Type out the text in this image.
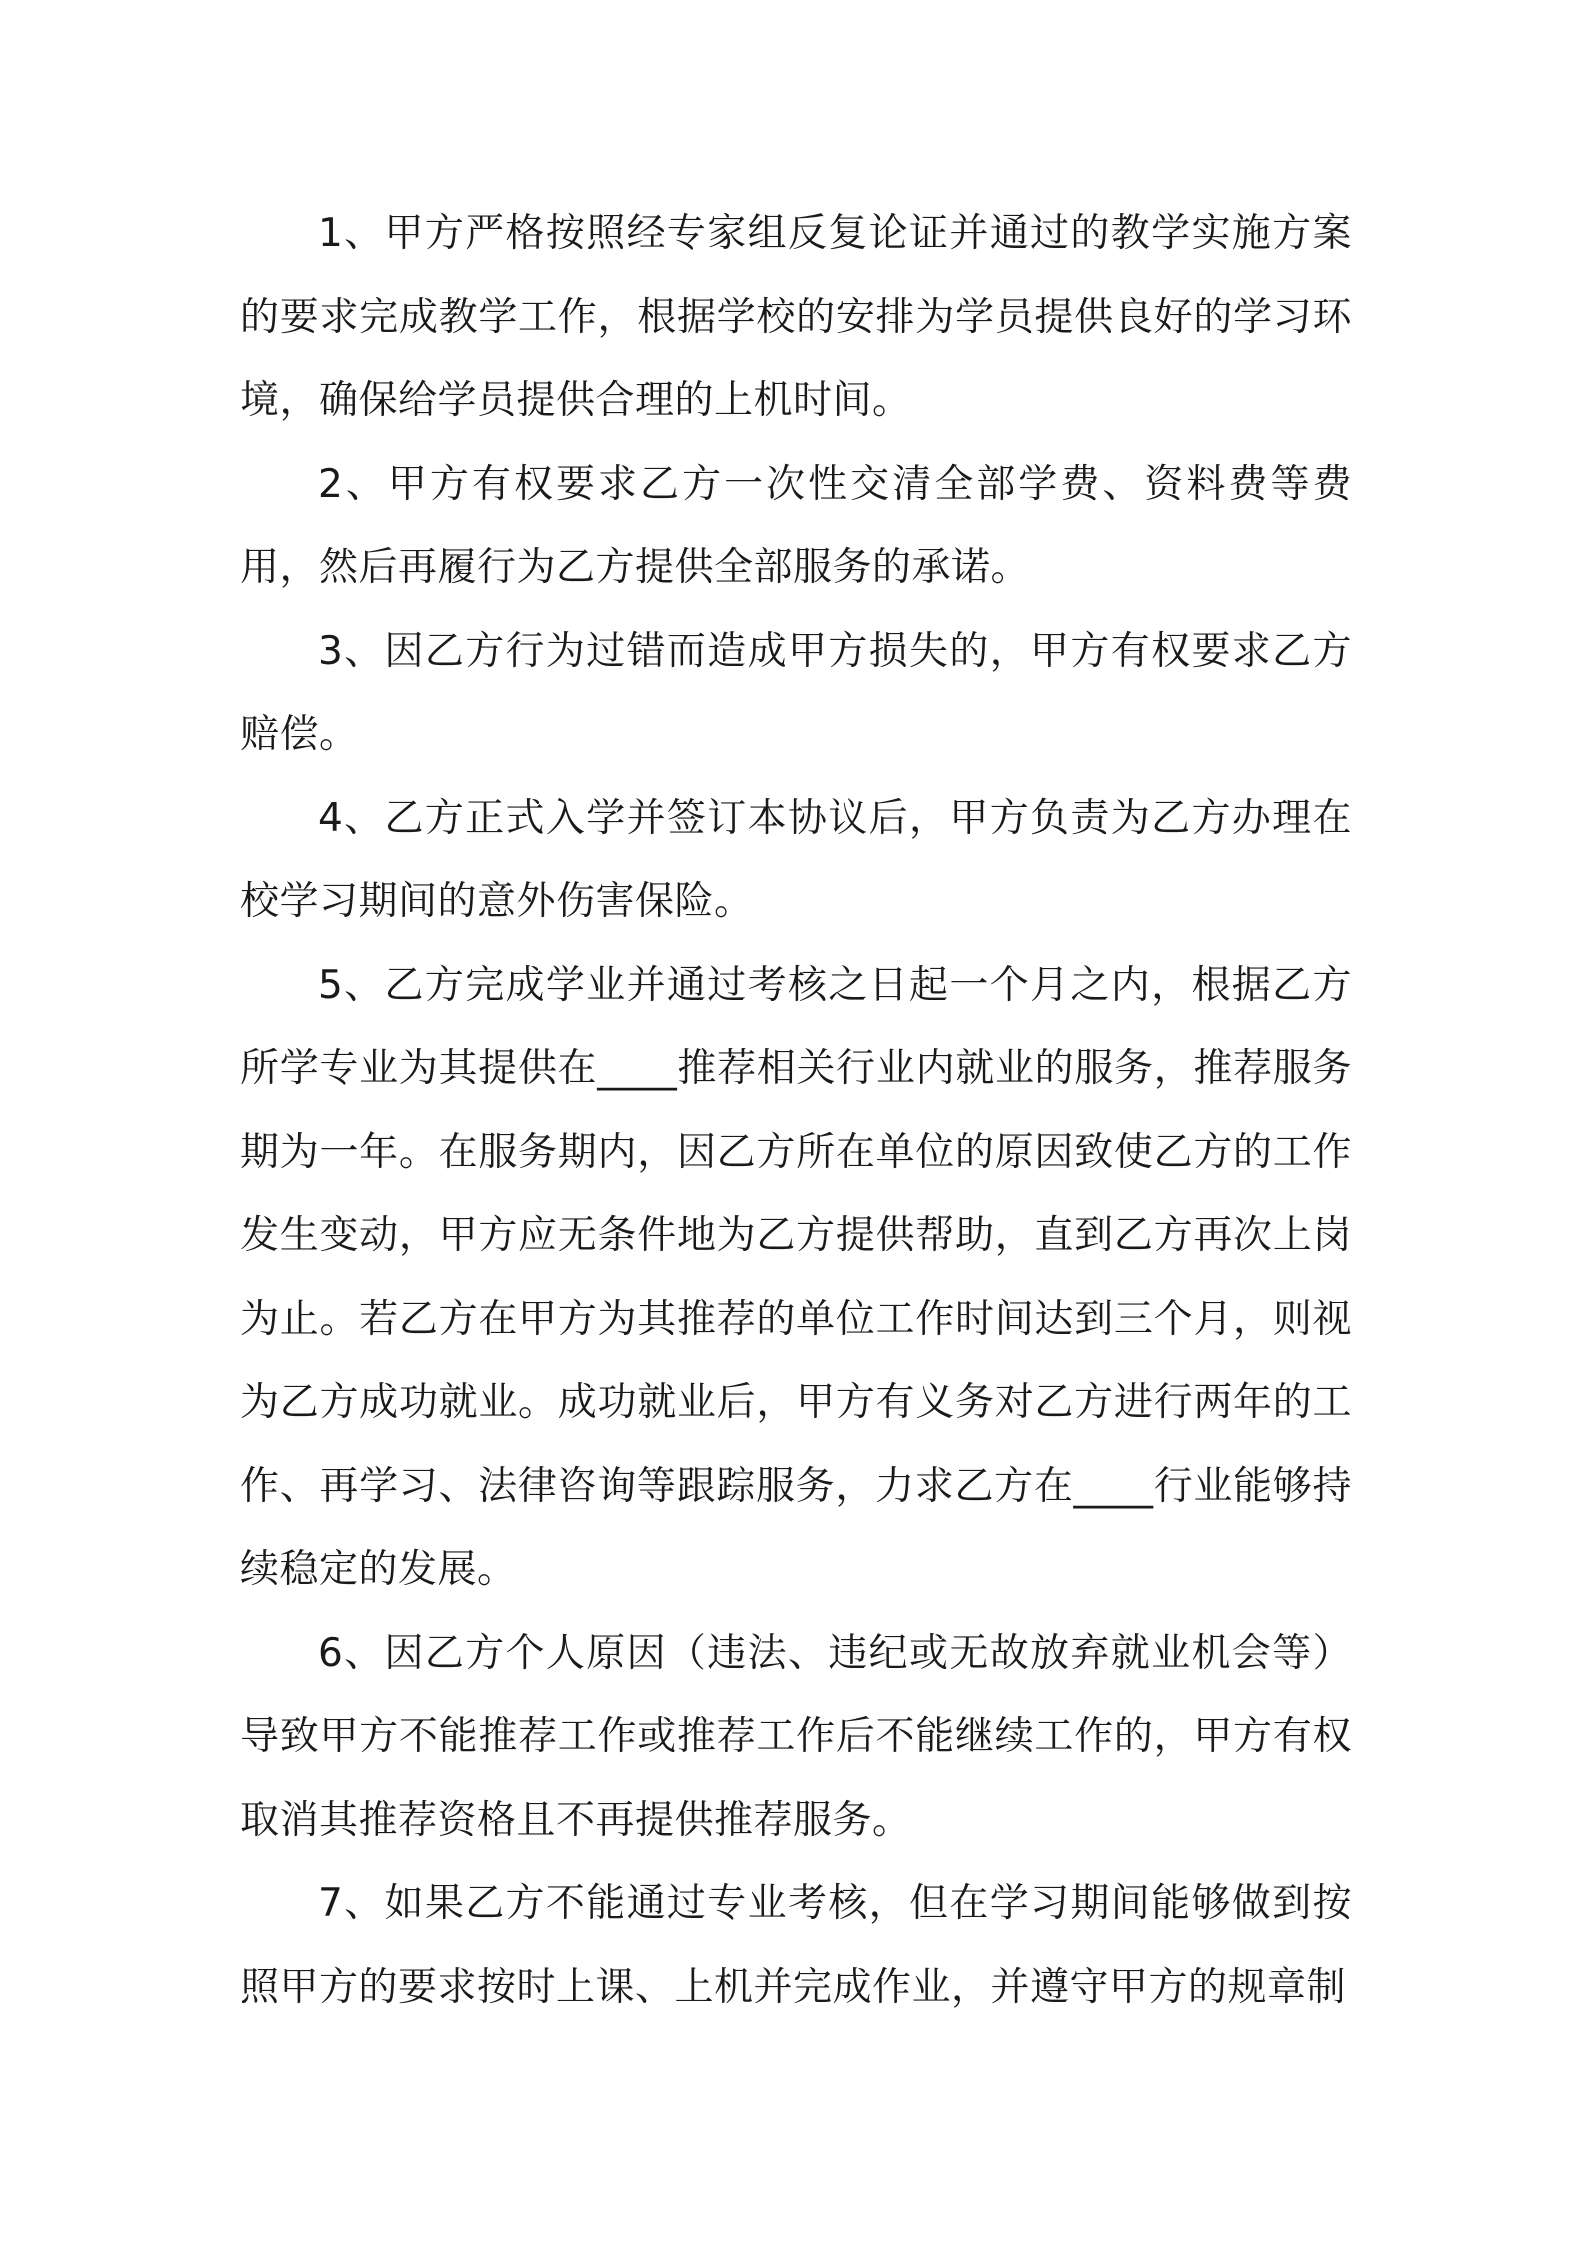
1、甲方严格按照经专家组反复论证并通过的教学实施方案的要求完成教学工作，根据学校的安排为学员提供良好的学习环境，确保给学员提供合理的上机时间。

2、甲方有权要求乙方一次性交清全部学费、资料费等费用，然后再履行为乙方提供全部服务的承诺。

3、因乙方行为过错而造成甲方损失的，甲方有权要求乙方赔偿。

4、乙方正式入学并签订本协议后，甲方负责为乙方办理在校学习期间的意外伤害保险。

5、乙方完成学业并通过考核之日起一个月之内，根据乙方所学专业为其提供在____推荐相关行业内就业的服务，推荐服务期为一年。在服务期内，因乙方所在单位的原因致使乙方的工作发生变动，甲方应无条件地为乙方提供帮助，直到乙方再次上岗为止。若乙方在甲方为其推荐的单位工作时间达到三个月，则视为乙方成功就业。成功就业后，甲方有义务对乙方进行两年的工作、再学习、法律咨询等跟踪服务，力求乙方在____行业能够持续稳定的发展。

6、因乙方个人原因（违法、违纪或无故放弃就业机会等）导致甲方不能推荐工作或推荐工作后不能继续工作的，甲方有权取消其推荐资格且不再提供推荐服务。

7、如果乙方不能通过专业考核，但在学习期间能够做到按照甲方的要求按时上课、上机并完成作业，并遵守甲方的规章制
